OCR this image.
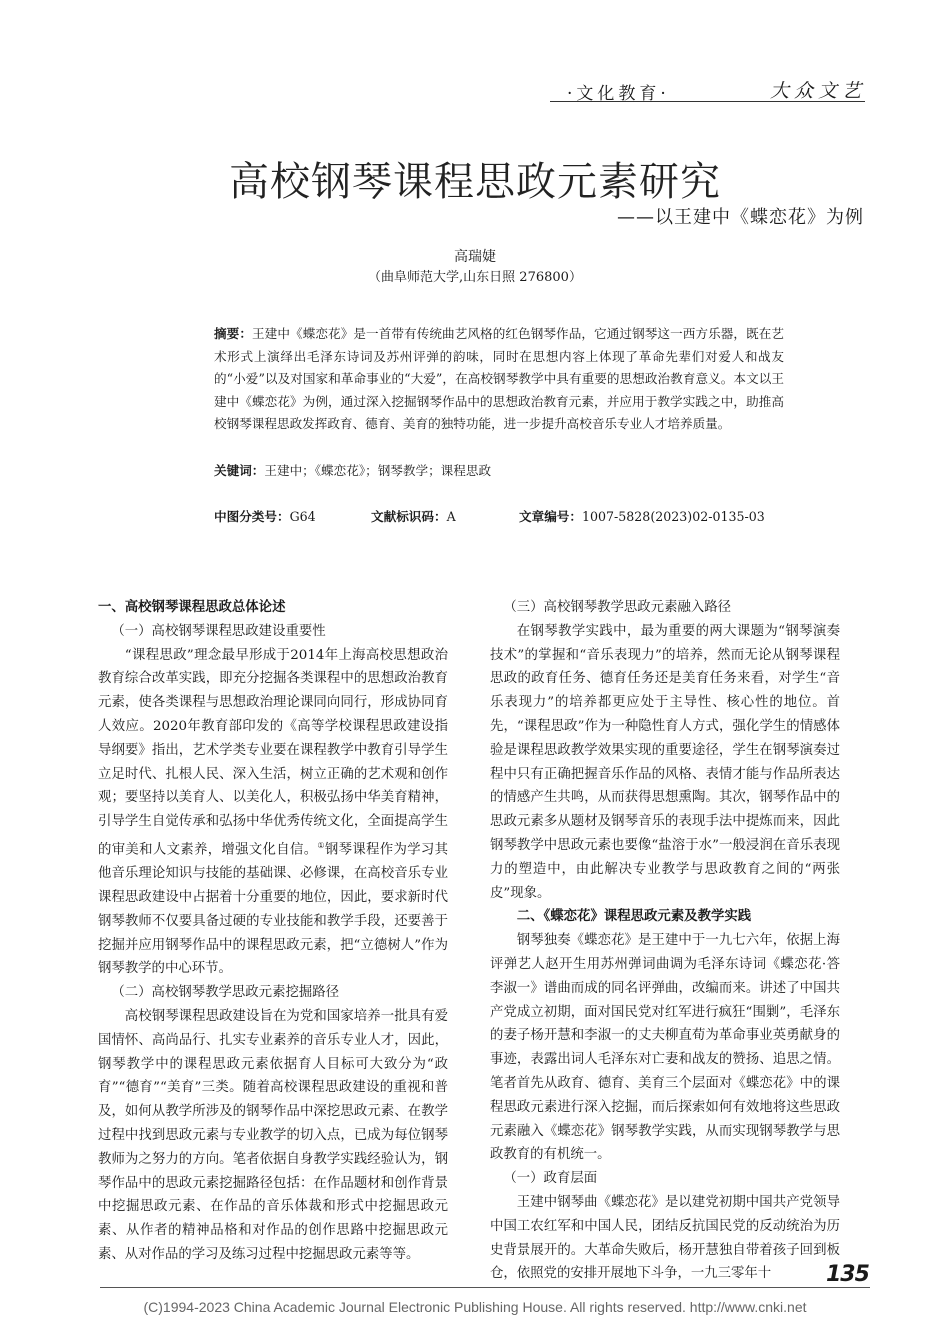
·文化教育·	大众文艺
高校钢琴课程思政元素研究
——以王建中《蝶恋花》为例
高瑞婕
（曲阜师范大学,山东日照 276800）
摘要：王建中《蝶恋花》是一首带有传统曲艺风格的红色钢琴作品，它通过钢琴这一西方乐器，既在艺术形式上演绎出毛泽东诗词及苏州评弹的韵味，同时在思想内容上体现了革命先辈们对爱人和战友的“小爱”以及对国家和革命事业的“大爱”，在高校钢琴教学中具有重要的思想政治教育意义。本文以王建中《蝶恋花》为例，通过深入挖掘钢琴作品中的思想政治教育元素，并应用于教学实践之中，助推高校钢琴课程思政发挥政育、德育、美育的独特功能，进一步提升高校音乐专业人才培养质量。
关键词：王建中；《蝶恋花》；钢琴教学；课程思政
中图分类号：G64	文献标识码：A	文章编号：1007-5828(2023)02-0135-03

一、高校钢琴课程思政总体论述

（一）高校钢琴课程思政建设重要性

“课程思政”理念最早形成于2014年上海高校思想政治教育综合改革实践，即充分挖掘各类课程中的思想政治教育元素，使各类课程与思想政治理论课同向同行，形成协同育人效应。2020年教育部印发的《高等学校课程思政建设指导纲要》指出，艺术学类专业要在课程教学中教育引导学生立足时代、扎根人民、深入生活，树立正确的艺术观和创作观；要坚持以美育人、以美化人，积极弘扬中华美育精神，引导学生自觉传承和弘扬中华优秀传统文化，全面提高学生的审美和人文素养，增强文化自信。①钢琴课程作为学习其他音乐理论知识与技能的基础课、必修课，在高校音乐专业课程思政建设中占据着十分重要的地位，因此，要求新时代钢琴教师不仅要具备过硬的专业技能和教学手段，还要善于挖掘并应用钢琴作品中的课程思政元素，把“立德树人”作为钢琴教学的中心环节。

（二）高校钢琴教学思政元素挖掘路径

高校钢琴课程思政建设旨在为党和国家培养一批具有爱国情怀、高尚品行、扎实专业素养的音乐专业人才，因此，钢琴教学中的课程思政元素依据育人目标可大致分为“政育”“德育”“美育”三类。随着高校课程思政建设的重视和普及，如何从教学所涉及的钢琴作品中深挖思政元素、在教学过程中找到思政元素与专业教学的切入点，已成为每位钢琴教师为之努力的方向。笔者依据自身教学实践经验认为，钢琴作品中的思政元素挖掘路径包括：在作品题材和创作背景中挖掘思政元素、在作品的音乐体裁和形式中挖掘思政元素、从作者的精神品格和对作品的创作思路中挖掘思政元素、从对作品的学习及练习过程中挖掘思政元素等等。

（三）高校钢琴教学思政元素融入路径

在钢琴教学实践中，最为重要的两大课题为“钢琴演奏技术”的掌握和“音乐表现力”的培养，然而无论从钢琴课程思政的政育任务、德育任务还是美育任务来看，对学生“音乐表现力”的培养都更应处于主导性、核心性的地位。首先，“课程思政”作为一种隐性育人方式，强化学生的情感体验是课程思政教学效果实现的重要途径，学生在钢琴演奏过程中只有正确把握音乐作品的风格、表情才能与作品所表达的情感产生共鸣，从而获得思想熏陶。其次，钢琴作品中的思政元素多从题材及钢琴音乐的表现手法中提炼而来，因此钢琴教学中思政元素也要像“盐溶于水”一般浸润在音乐表现力的塑造中，由此解决专业教学与思政教育之间的“两张皮”现象。

二、《蝶恋花》课程思政元素及教学实践

钢琴独奏《蝶恋花》是王建中于一九七六年，依据上海评弹艺人赵开生用苏州弹词曲调为毛泽东诗词《蝶恋花·答李淑一》谱曲而成的同名评弹曲，改编而来。讲述了中国共产党成立初期，面对国民党对红军进行疯狂“围剿”，毛泽东的妻子杨开慧和李淑一的丈夫柳直荀为革命事业英勇献身的事迹，表露出词人毛泽东对亡妻和战友的赞扬、追思之情。笔者首先从政育、德育、美育三个层面对《蝶恋花》中的课程思政元素进行深入挖掘，而后探索如何有效地将这些思政元素融入《蝶恋花》钢琴教学实践，从而实现钢琴教学与思政教育的有机统一。

（一）政育层面

王建中钢琴曲《蝶恋花》是以建党初期中国共产党领导中国工农红军和中国人民，团结反抗国民党的反动统治为历史背景展开的。大革命失败后，杨开慧独自带着孩子回到板仓，依照党的安排开展地下斗争，一九三零年十	135
(C)1994-2023 China Academic Journal Electronic Publishing House. All rights reserved. http://www.cnki.net
